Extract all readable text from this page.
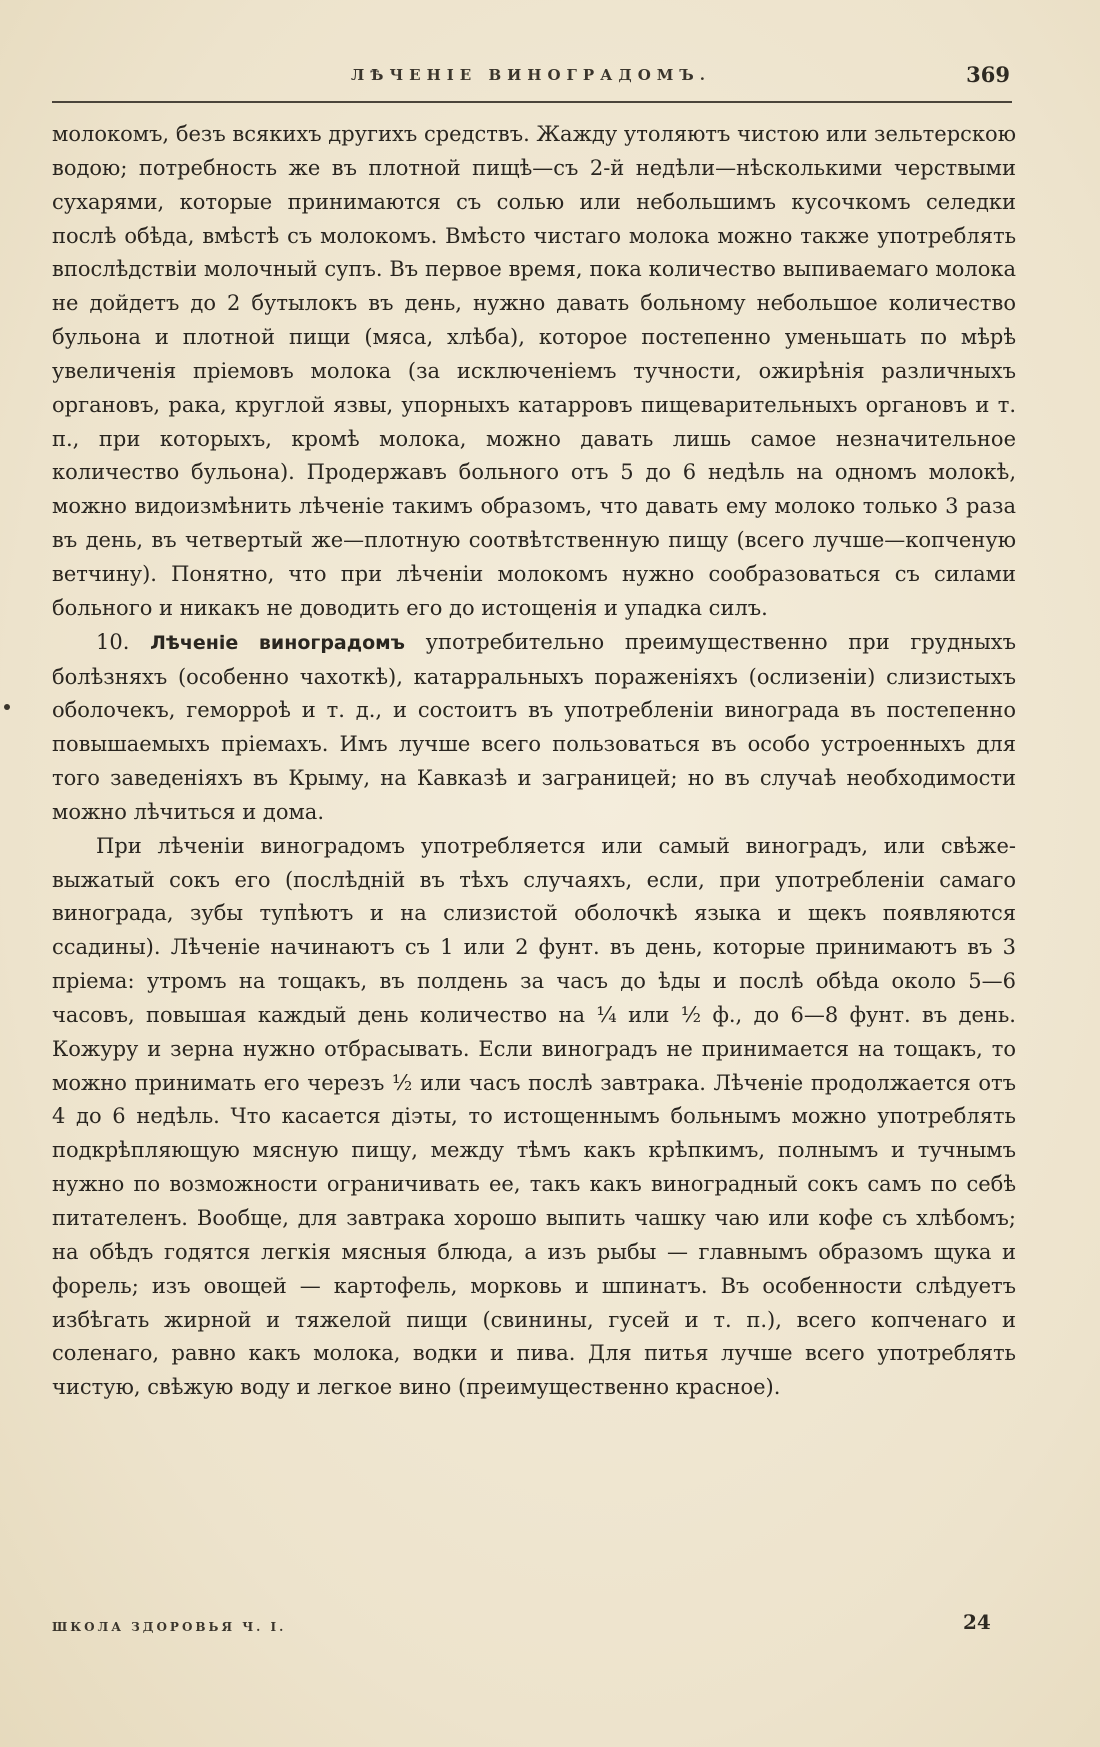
ЛѢЧЕНІЕ ВИНОГРАДОМЪ.	369

молокомъ, безъ всякихъ другихъ средствъ. Жажду утоляютъ чистою или зельтерскою водою; потребность же въ плотной пищѣ—съ 2-й недѣли—нѣсколькими черствыми сухарями, которые принимаются съ солью или небольшимъ кусочкомъ селедки послѣ обѣда, вмѣстѣ съ молокомъ. Вмѣсто чистаго молока можно также употреблять впослѣдствіи молочный супъ. Въ первое время, пока количество выпиваемаго молока не дойдетъ до 2 бутылокъ въ день, нужно давать больному небольшое количество бульона и плотной пищи (мяса, хлѣба), которое постепенно уменьшать по мѣрѣ увеличенія пріемовъ молока (за исключеніемъ тучности, ожирѣнія различныхъ органовъ, рака, круглой язвы, упорныхъ катарровъ пищеварительныхъ органовъ и т. п., при которыхъ, кромѣ молока, можно давать лишь самое незначительное количество бульона). Продержавъ больного отъ 5 до 6 недѣль на одномъ молокѣ, можно видоизмѣнить лѣченіе такимъ образомъ, что давать ему молоко только 3 раза въ день, въ четвертый же—плотную соотвѣтственную пищу (всего лучше—копченую ветчину). Понятно, что при лѣченіи молокомъ нужно сообразоваться съ силами больного и никакъ не доводить его до истощенія и упадка силъ.

10. Лѣченіе виноградомъ употребительно преимущественно при грудныхъ болѣзняхъ (особенно чахоткѣ), катарральныхъ пораженіяхъ (ослизеніи) слизистыхъ оболочекъ, геморроѣ и т. д., и состоитъ въ употребленіи винограда въ постепенно повышаемыхъ пріемахъ. Имъ лучше всего пользоваться въ особо устроенныхъ для того заведеніяхъ въ Крыму, на Кавказѣ и заграницей; но въ случаѣ необходимости можно лѣчиться и дома.

При лѣченіи виноградомъ употребляется или самый виноградъ, или свѣже-выжатый сокъ его (послѣдній въ тѣхъ случаяхъ, если, при употребленіи самаго винограда, зубы тупѣютъ и на слизистой оболочкѣ языка и щекъ появляются ссадины). Лѣченіе начинаютъ съ 1 или 2 фунт. въ день, которые принимаютъ въ 3 пріема: утромъ на тощакъ, въ полдень за часъ до ѣды и послѣ обѣда около 5—6 часовъ, повышая каждый день количество на ¼ или ½ ф., до 6—8 фунт. въ день. Кожуру и зерна нужно отбрасывать. Если виноградъ не принимается на тощакъ, то можно принимать его черезъ ½ или часъ послѣ завтрака. Лѣченіе продолжается отъ 4 до 6 недѣль. Что касается діэты, то истощеннымъ больнымъ можно употреблять подкрѣпляющую мясную пищу, между тѣмъ какъ крѣпкимъ, полнымъ и тучнымъ нужно по возможности ограничивать ее, такъ какъ виноградный сокъ самъ по себѣ питателенъ. Вообще, для завтрака хорошо выпить чашку чаю или кофе съ хлѣбомъ; на обѣдъ годятся легкія мясныя блюда, а изъ рыбы — главнымъ образомъ щука и форель; изъ овощей — картофель, морковь и шпинатъ. Въ особенности слѣдуетъ избѣгать жирной и тяжелой пищи (свинины, гусей и т. п.), всего копченаго и соленаго, равно какъ молока, водки и пива. Для питья лучше всего употреблять чистую, свѣжую воду и легкое вино (преимущественно красное).

ШКОЛА ЗДОРОВЬЯ Ч. I.	24
